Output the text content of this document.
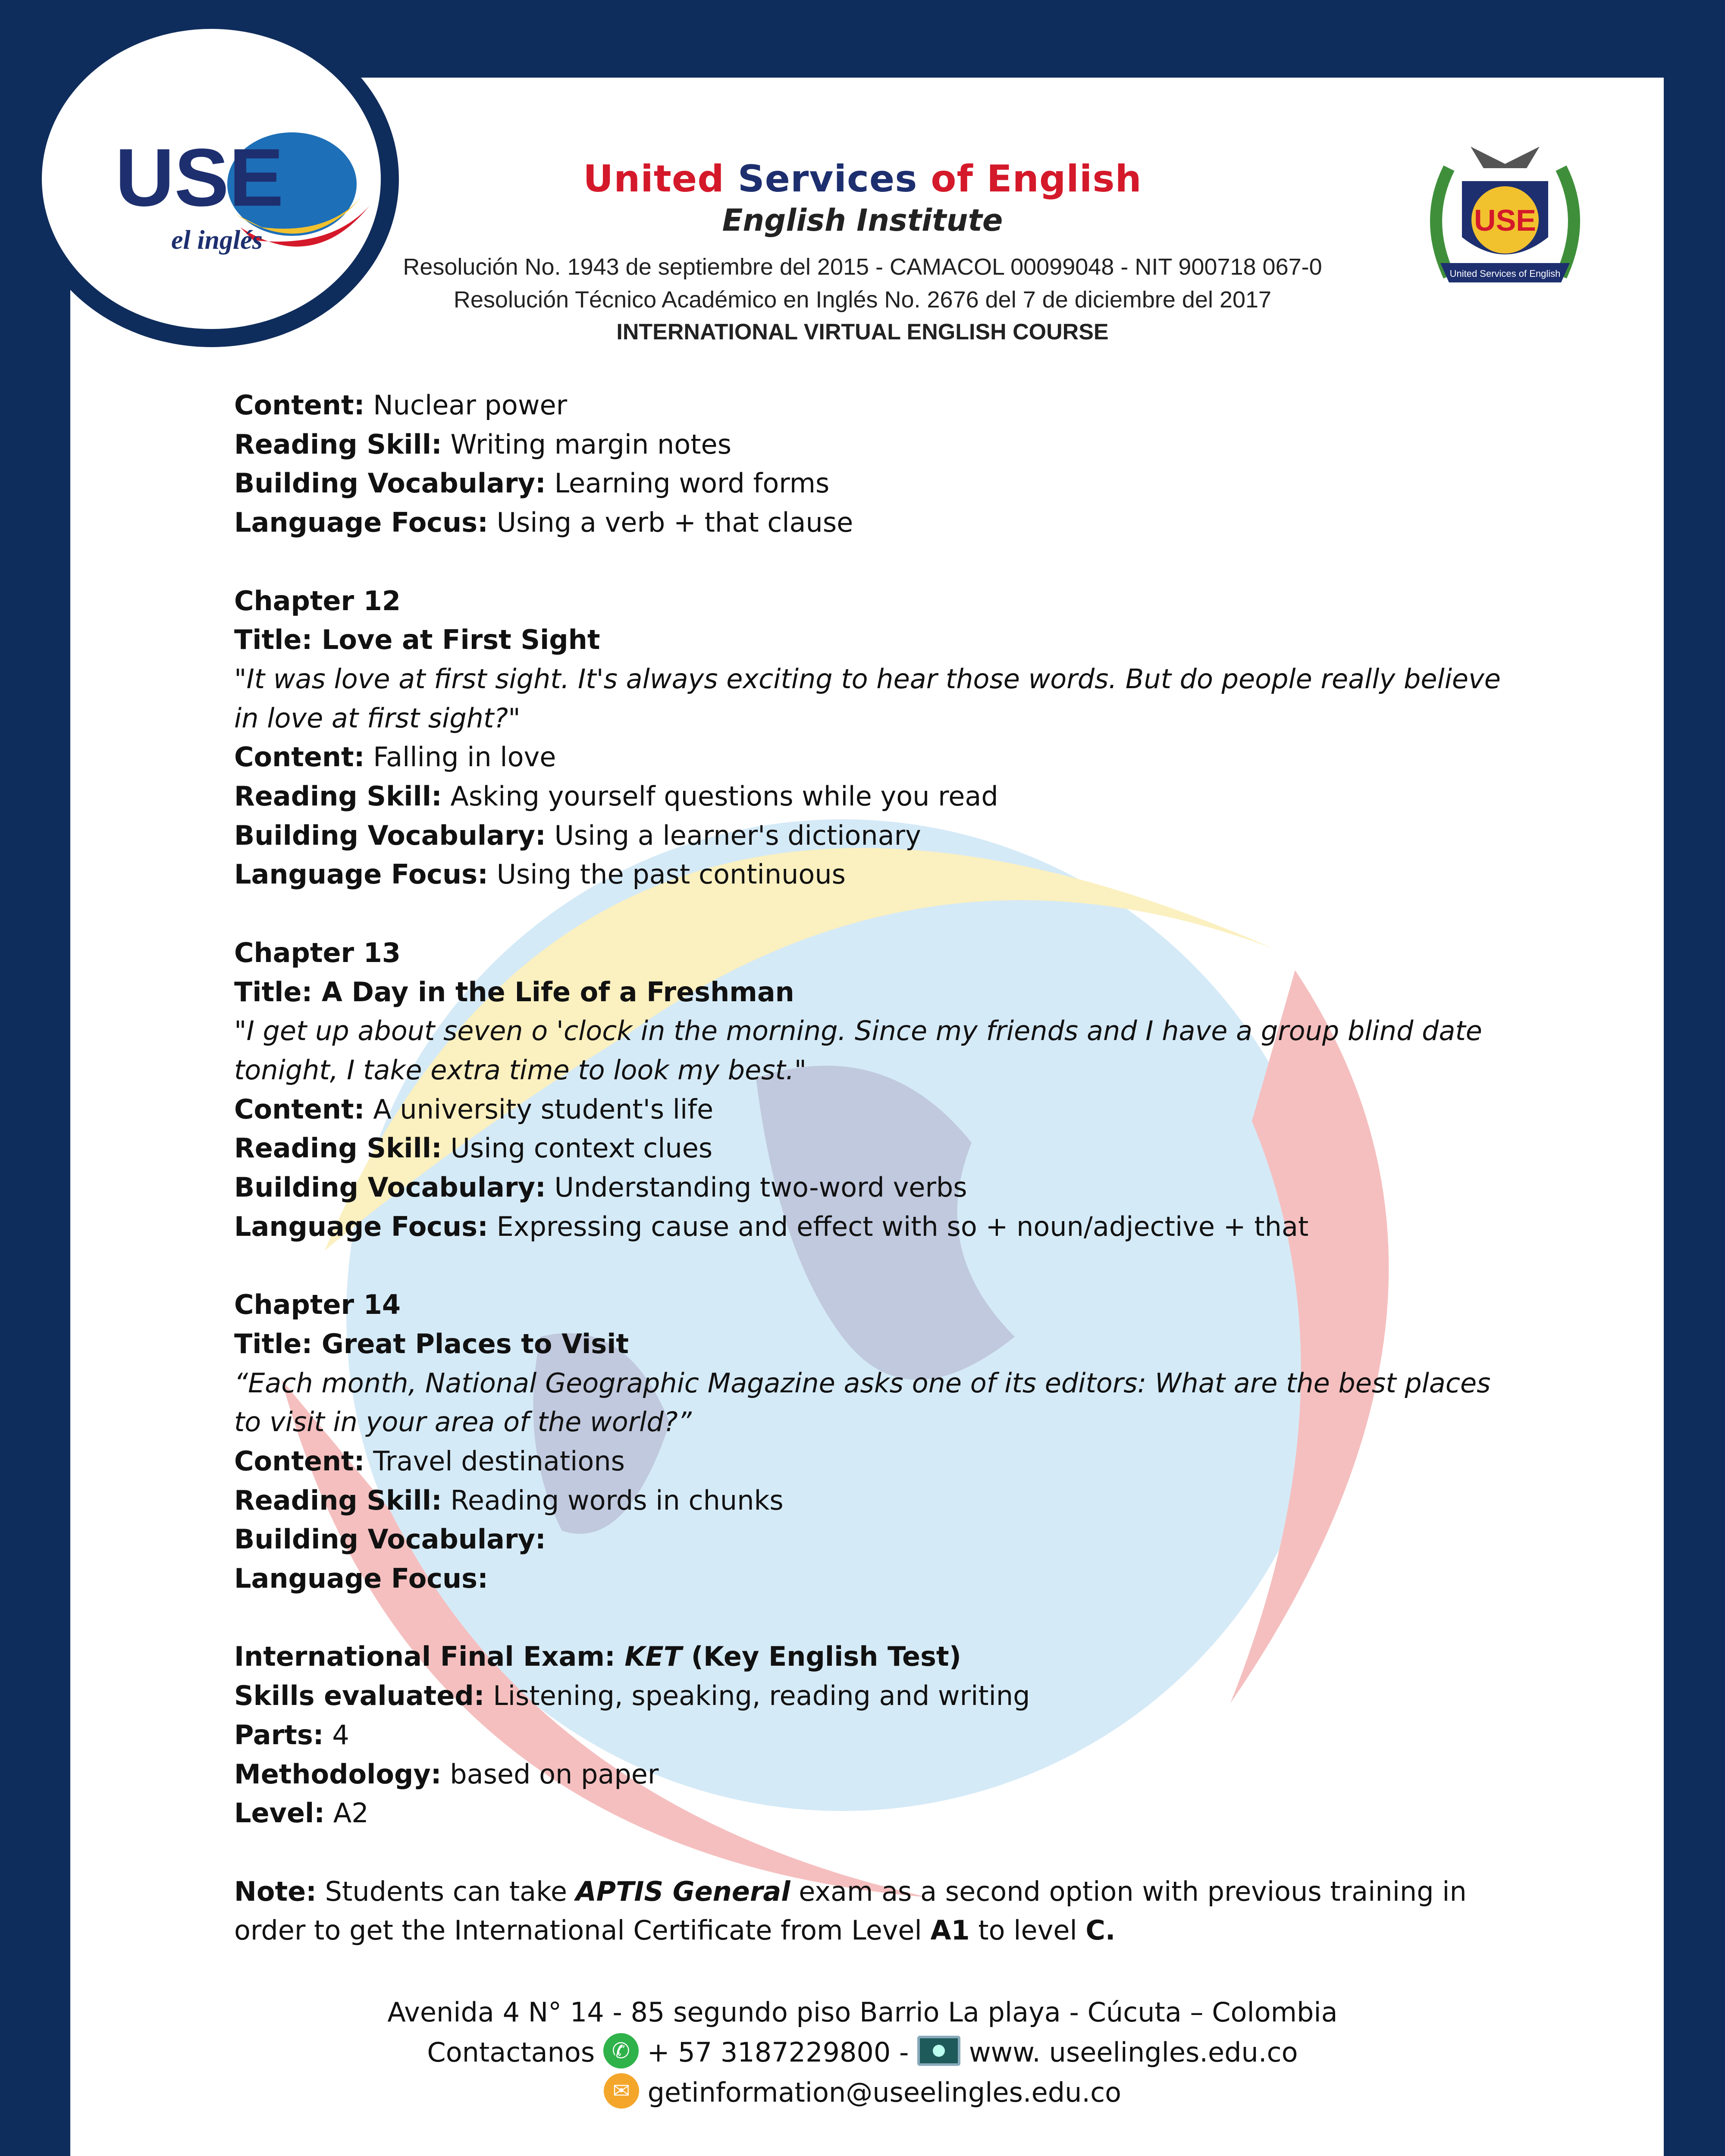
USE
el inglés
United Services of English
English Institute
Resolución No. 1943 de septiembre del 2015 - CAMACOL 00099048 - NIT 900718 067-0
Resolución Técnico Académico en Inglés No. 2676 del 7 de diciembre del 2017
INTERNATIONAL VIRTUAL ENGLISH COURSE
USE
United Services of English
Content: Nuclear power
Reading Skill: Writing margin notes
Building Vocabulary: Learning word forms
Language Focus: Using a verb + that clause
Chapter 12
Title: Love at First Sight
"It was love at first sight. It's always exciting to hear those words. But do people really believe in love at first sight?"
Content: Falling in love
Reading Skill: Asking yourself questions while you read
Building Vocabulary: Using a learner's dictionary
Language Focus: Using the past continuous
Chapter 13
Title: A Day in the Life of a Freshman
"I get up about seven o 'clock in the morning. Since my friends and I have a group blind date tonight, I take extra time to look my best."
Content: A university student's life
Reading Skill: Using context clues
Building Vocabulary: Understanding two-word verbs
Language Focus: Expressing cause and effect with so + noun/adjective + that
Chapter 14
Title: Great Places to Visit
“Each month, National Geographic Magazine asks one of its editors: What are the best places to visit in your area of the world?”
Content: Travel destinations
Reading Skill: Reading words in chunks
Building Vocabulary:
Language Focus:
International Final Exam: KET (Key English Test)
Skills evaluated: Listening, speaking, reading and writing
Parts: 4
Methodology: based on paper
Level: A2
Note: Students can take APTIS General exam as a second option with previous training in order to get the International Certificate from Level A1 to level C.
Avenida 4 N° 14 - 85 segundo piso Barrio La playa - Cúcuta – Colombia
Contactanos ✆ + 57 3187229800 -  www. useelingles.edu.co
✉ getinformation@useelingles.edu.co
